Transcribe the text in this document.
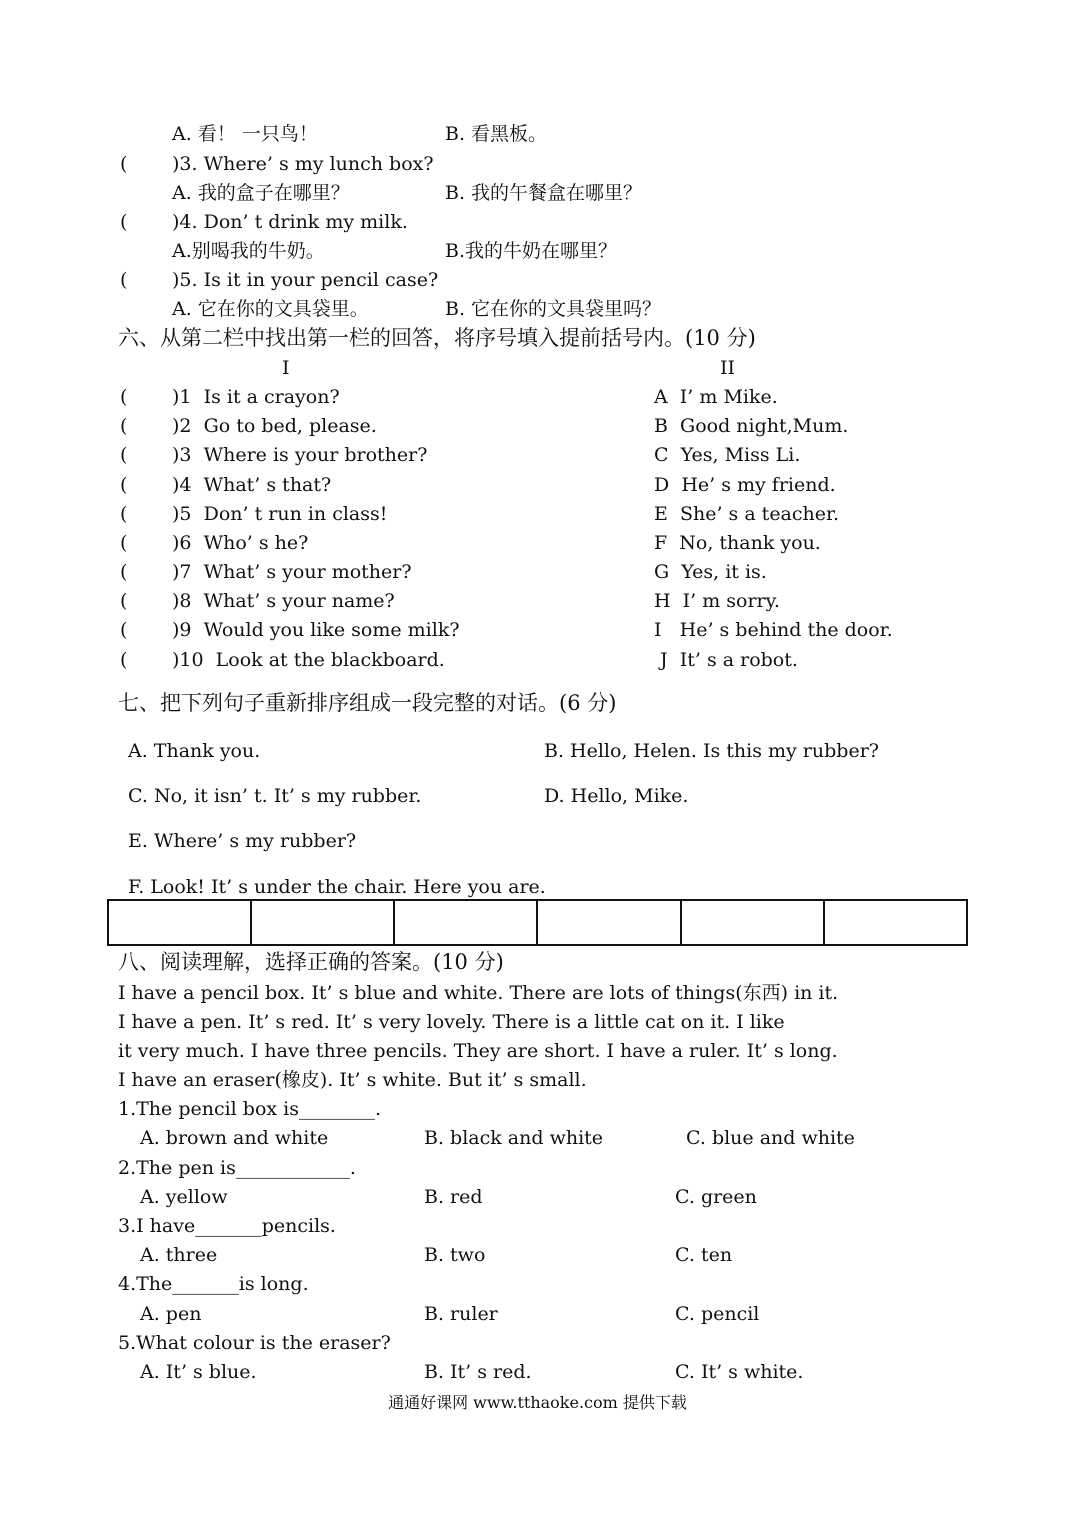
A. 看！ 一只鸟！	B. 看黑板。
( )3. Where’ s my lunch box?
A. 我的盒子在哪里？	B. 我的午餐盒在哪里？
( )4. Don’ t drink my milk.
A.别喝我的牛奶。	B.我的牛奶在哪里？
( )5. Is it in your pencil case?
A. 它在你的文具袋里。	B. 它在你的文具袋里吗？
六、从第二栏中找出第一栏的回答，将序号填入提前括号内。(10 分)
I	II
( )1  Is it a crayon?	A  I’ m Mike.
( )2  Go to bed, please.	B  Good night,Mum.
( )3  Where is your brother?	C  Yes, Miss Li.
( )4  What’ s that?	D  He’ s my friend.
( )5  Don’ t run in class!	E  She’ s a teacher.
( )6  Who’ s he?	F  No, thank you.
( )7  What’ s your mother?	G  Yes, it is.
( )8  What’ s your name?	H  I’ m sorry.
( )9  Would you like some milk?	I   He’ s behind the door.
( )10  Look at the blackboard.	J  It’ s a robot.
七、把下列句子重新排序组成一段完整的对话。(6 分)
A. Thank you.	B. Hello, Helen. Is this my rubber?
C. No, it isn’ t. It’ s my rubber.	D. Hello, Mike.
E. Where’ s my rubber?
F. Look! It’ s under the chair. Here you are.

八、阅读理解，选择正确的答案。(10 分)
I have a pencil box. It’ s blue and white. There are lots of things(东西) in it.
I have a pen. It’ s red. It’ s very lovely. There is a little cat on it. I like
it very much. I have three pencils. They are short. I have a ruler. It’ s long.
I have an eraser(橡皮). It’ s white. But it’ s small.
1.The pencil box is________.
A. brown and white	B. black and white	C. blue and white
2.The pen is____________.
A. yellow	B. red	C. green
3.I have_______pencils.
A. three	B. two	C. ten
4.The_______is long.
A. pen	B. ruler	C. pencil
5.What colour is the eraser?
A. It’ s blue.	B. It’ s red.	C. It’ s white.
通通好课网 www.tthaoke.com 提供下载
